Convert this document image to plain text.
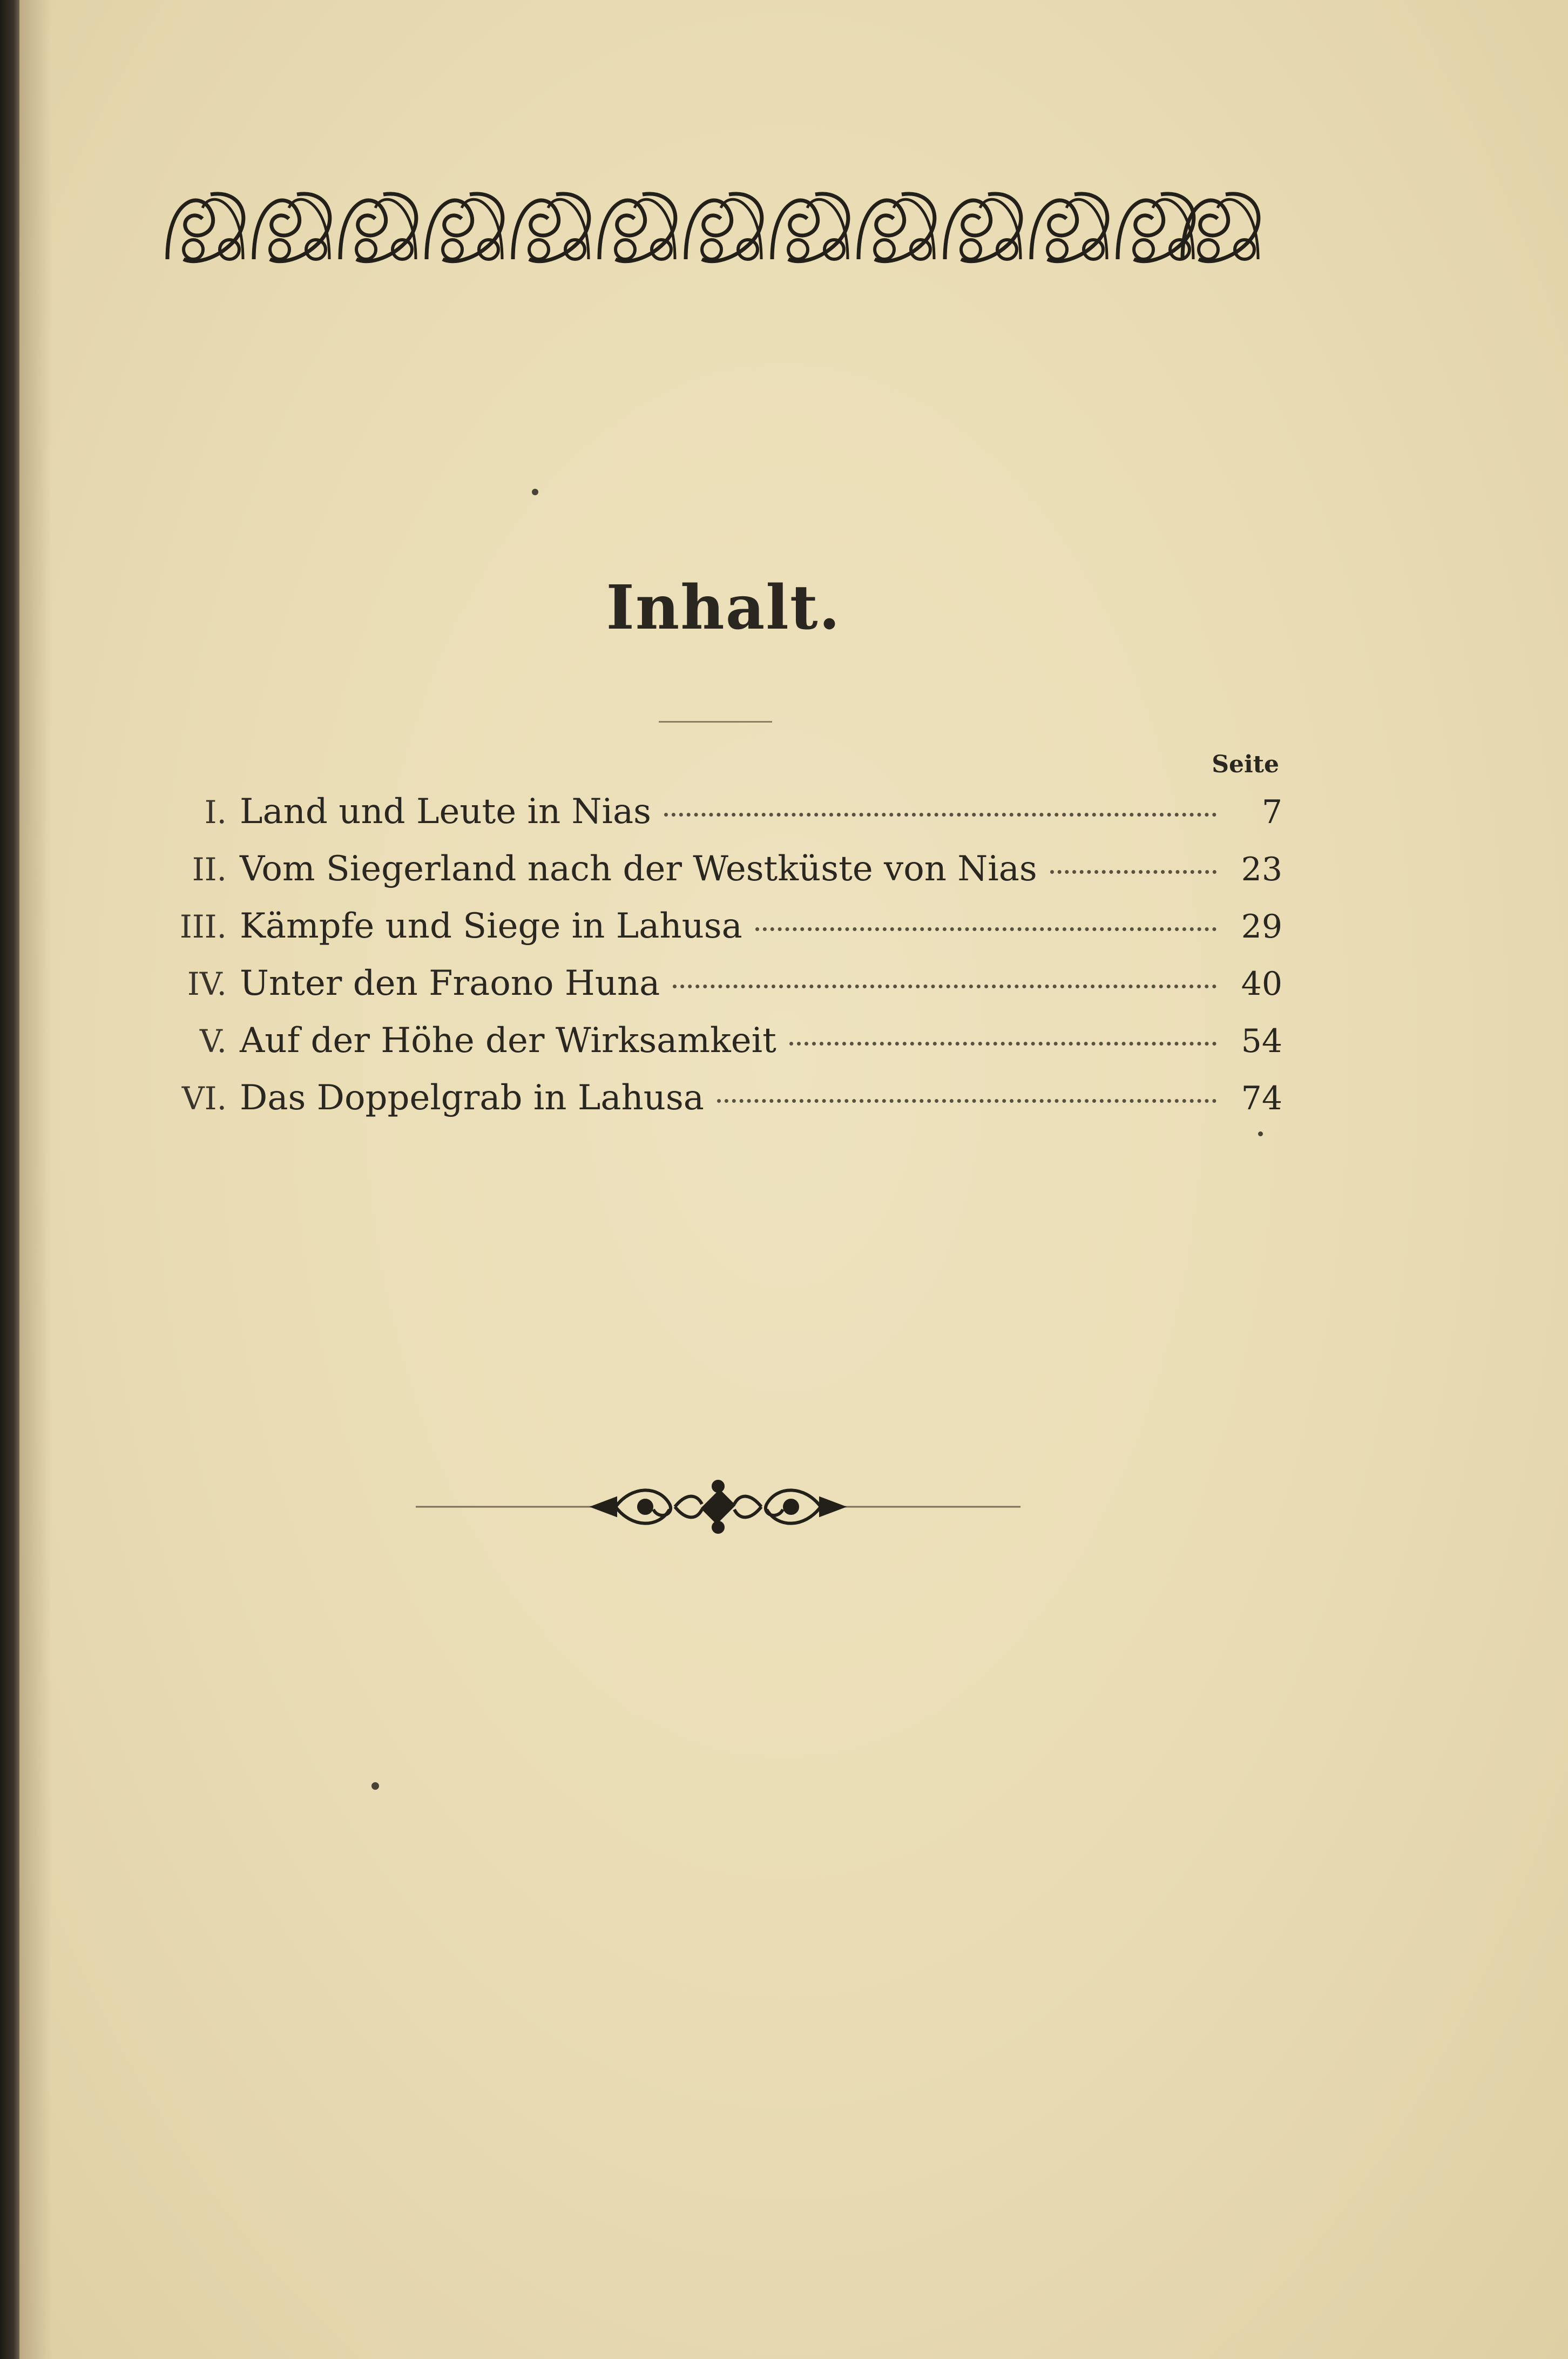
Inhalt.
Seite
I. Land und Leute in Nias	7
II. Vom Siegerland nach der Westküste von Nias	23
III. Kämpfe und Siege in Lahusa	29
IV. Unter den Fraono Huna	40
V. Auf der Höhe der Wirksamkeit	54
VI. Das Doppelgrab in Lahusa	74
